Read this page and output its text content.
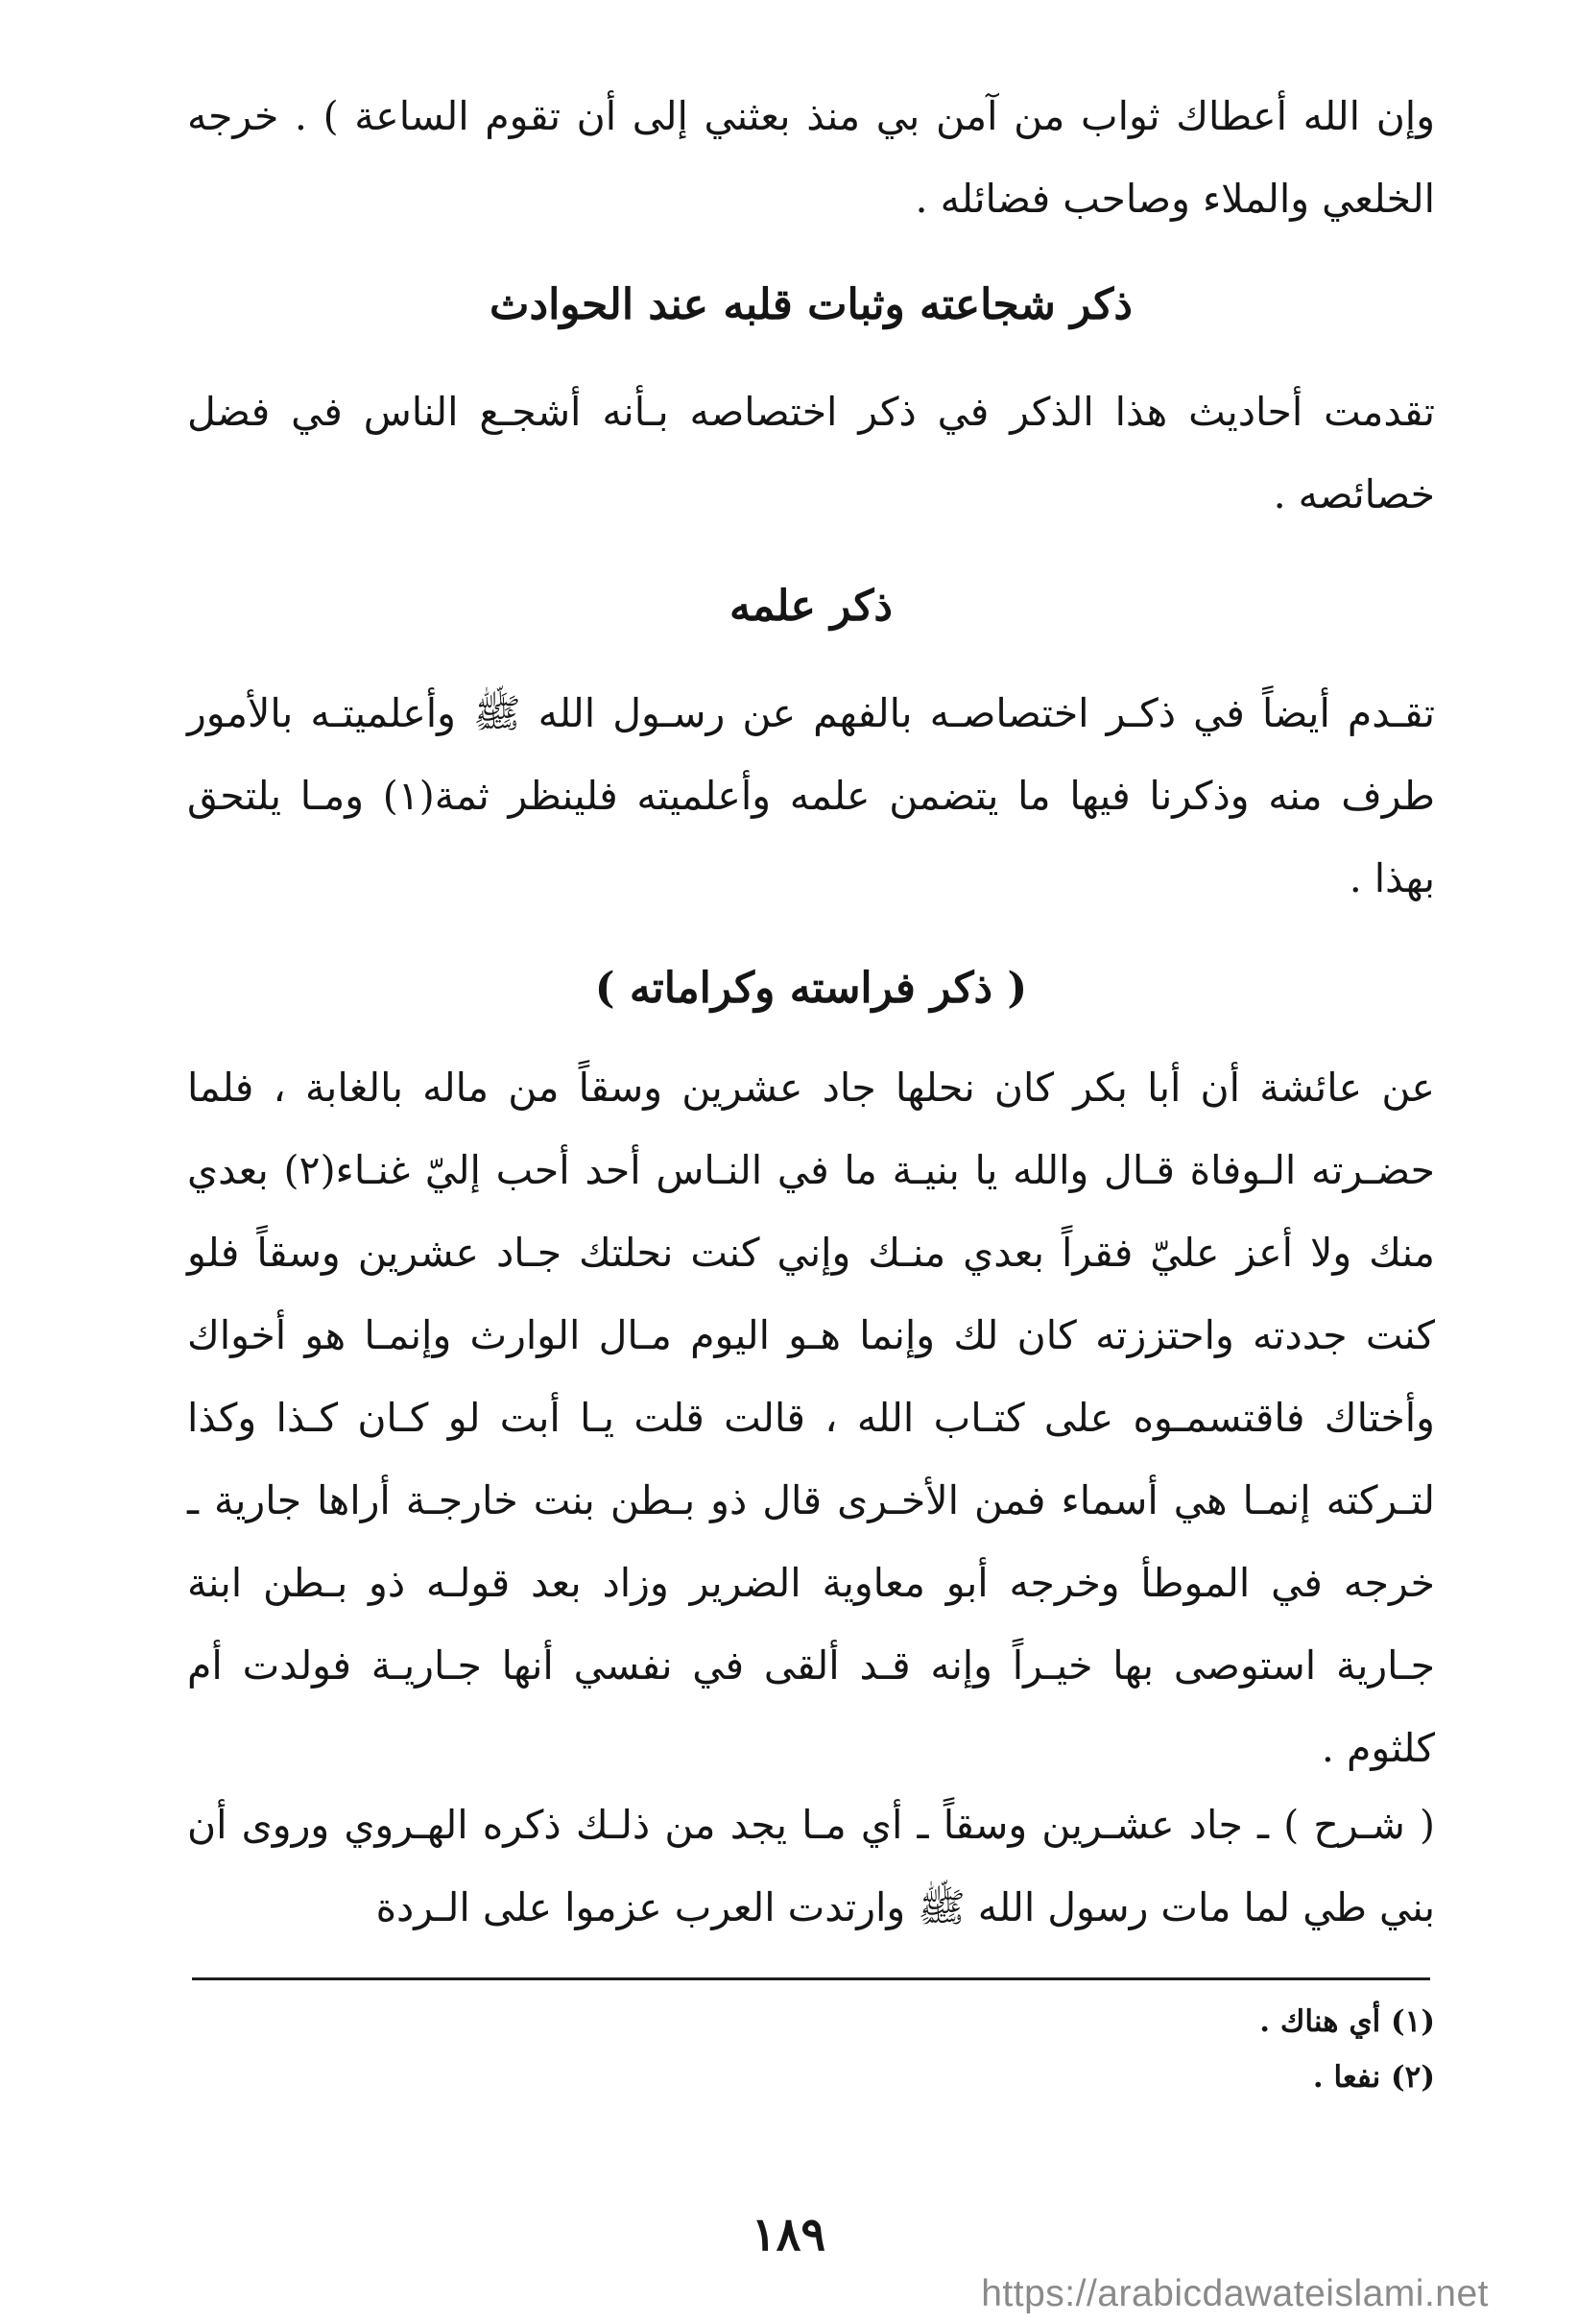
وإن الله أعطاك ثواب من آمن بي منذ بعثني إلى أن تقوم الساعة ) . خرجه الخلعي والملاء وصاحب فضائله .
ذكر شجاعته وثبات قلبه عند الحوادث
تقدمت أحاديث هذا الذكر في ذكر اختصاصه بـأنه أشجـع الناس في فضل خصائصه .
ذكر علمه
تقـدم أيضاً في ذكـر اختصاصـه بالفهم عن رسـول الله ﷺ وأعلميتـه بالأمور طرف منه وذكرنا فيها ما يتضمن علمه وأعلميته فلينظر ثمة(١) ومـا يلتحق بهذا .
( ذكر فراسته وكراماته )
عن عائشة أن أبا بكر كان نحلها جاد عشرين وسقاً من ماله بالغابة ، فلما حضـرته الـوفاة قـال والله يا بنيـة ما في النـاس أحد أحب إليّ غنـاء(٢) بعدي منك ولا أعز عليّ فقراً بعدي منـك وإني كنت نحلتك جـاد عشرين وسقاً فلو كنت جددته واحتززته كان لك وإنما هـو اليوم مـال الوارث وإنمـا هو أخواك وأختاك فاقتسمـوه على كتـاب الله ، قالت قلت يـا أبت لو كـان كـذا وكذا لتـركته إنمـا هي أسماء فمن الأخـرى قال ذو بـطن بنت خارجـة أراها جارية ـ خرجه في الموطأ وخرجه أبو معاوية الضرير وزاد بعد قولـه ذو بـطن ابنة جـارية استوصى بها خيـراً وإنه قـد ألقى في نفسي أنها جـاريـة فولدت أم كلثوم .
( شـرح ) ـ جاد عشـرين وسقاً ـ أي مـا يجد من ذلـك ذكره الهـروي وروى أن بني طي لما مات رسول الله ﷺ وارتدت العرب عزموا على الـردة
(١) أي هناك .
(٢) نفعا .
١٨٩
https://arabicdawateislami.net
